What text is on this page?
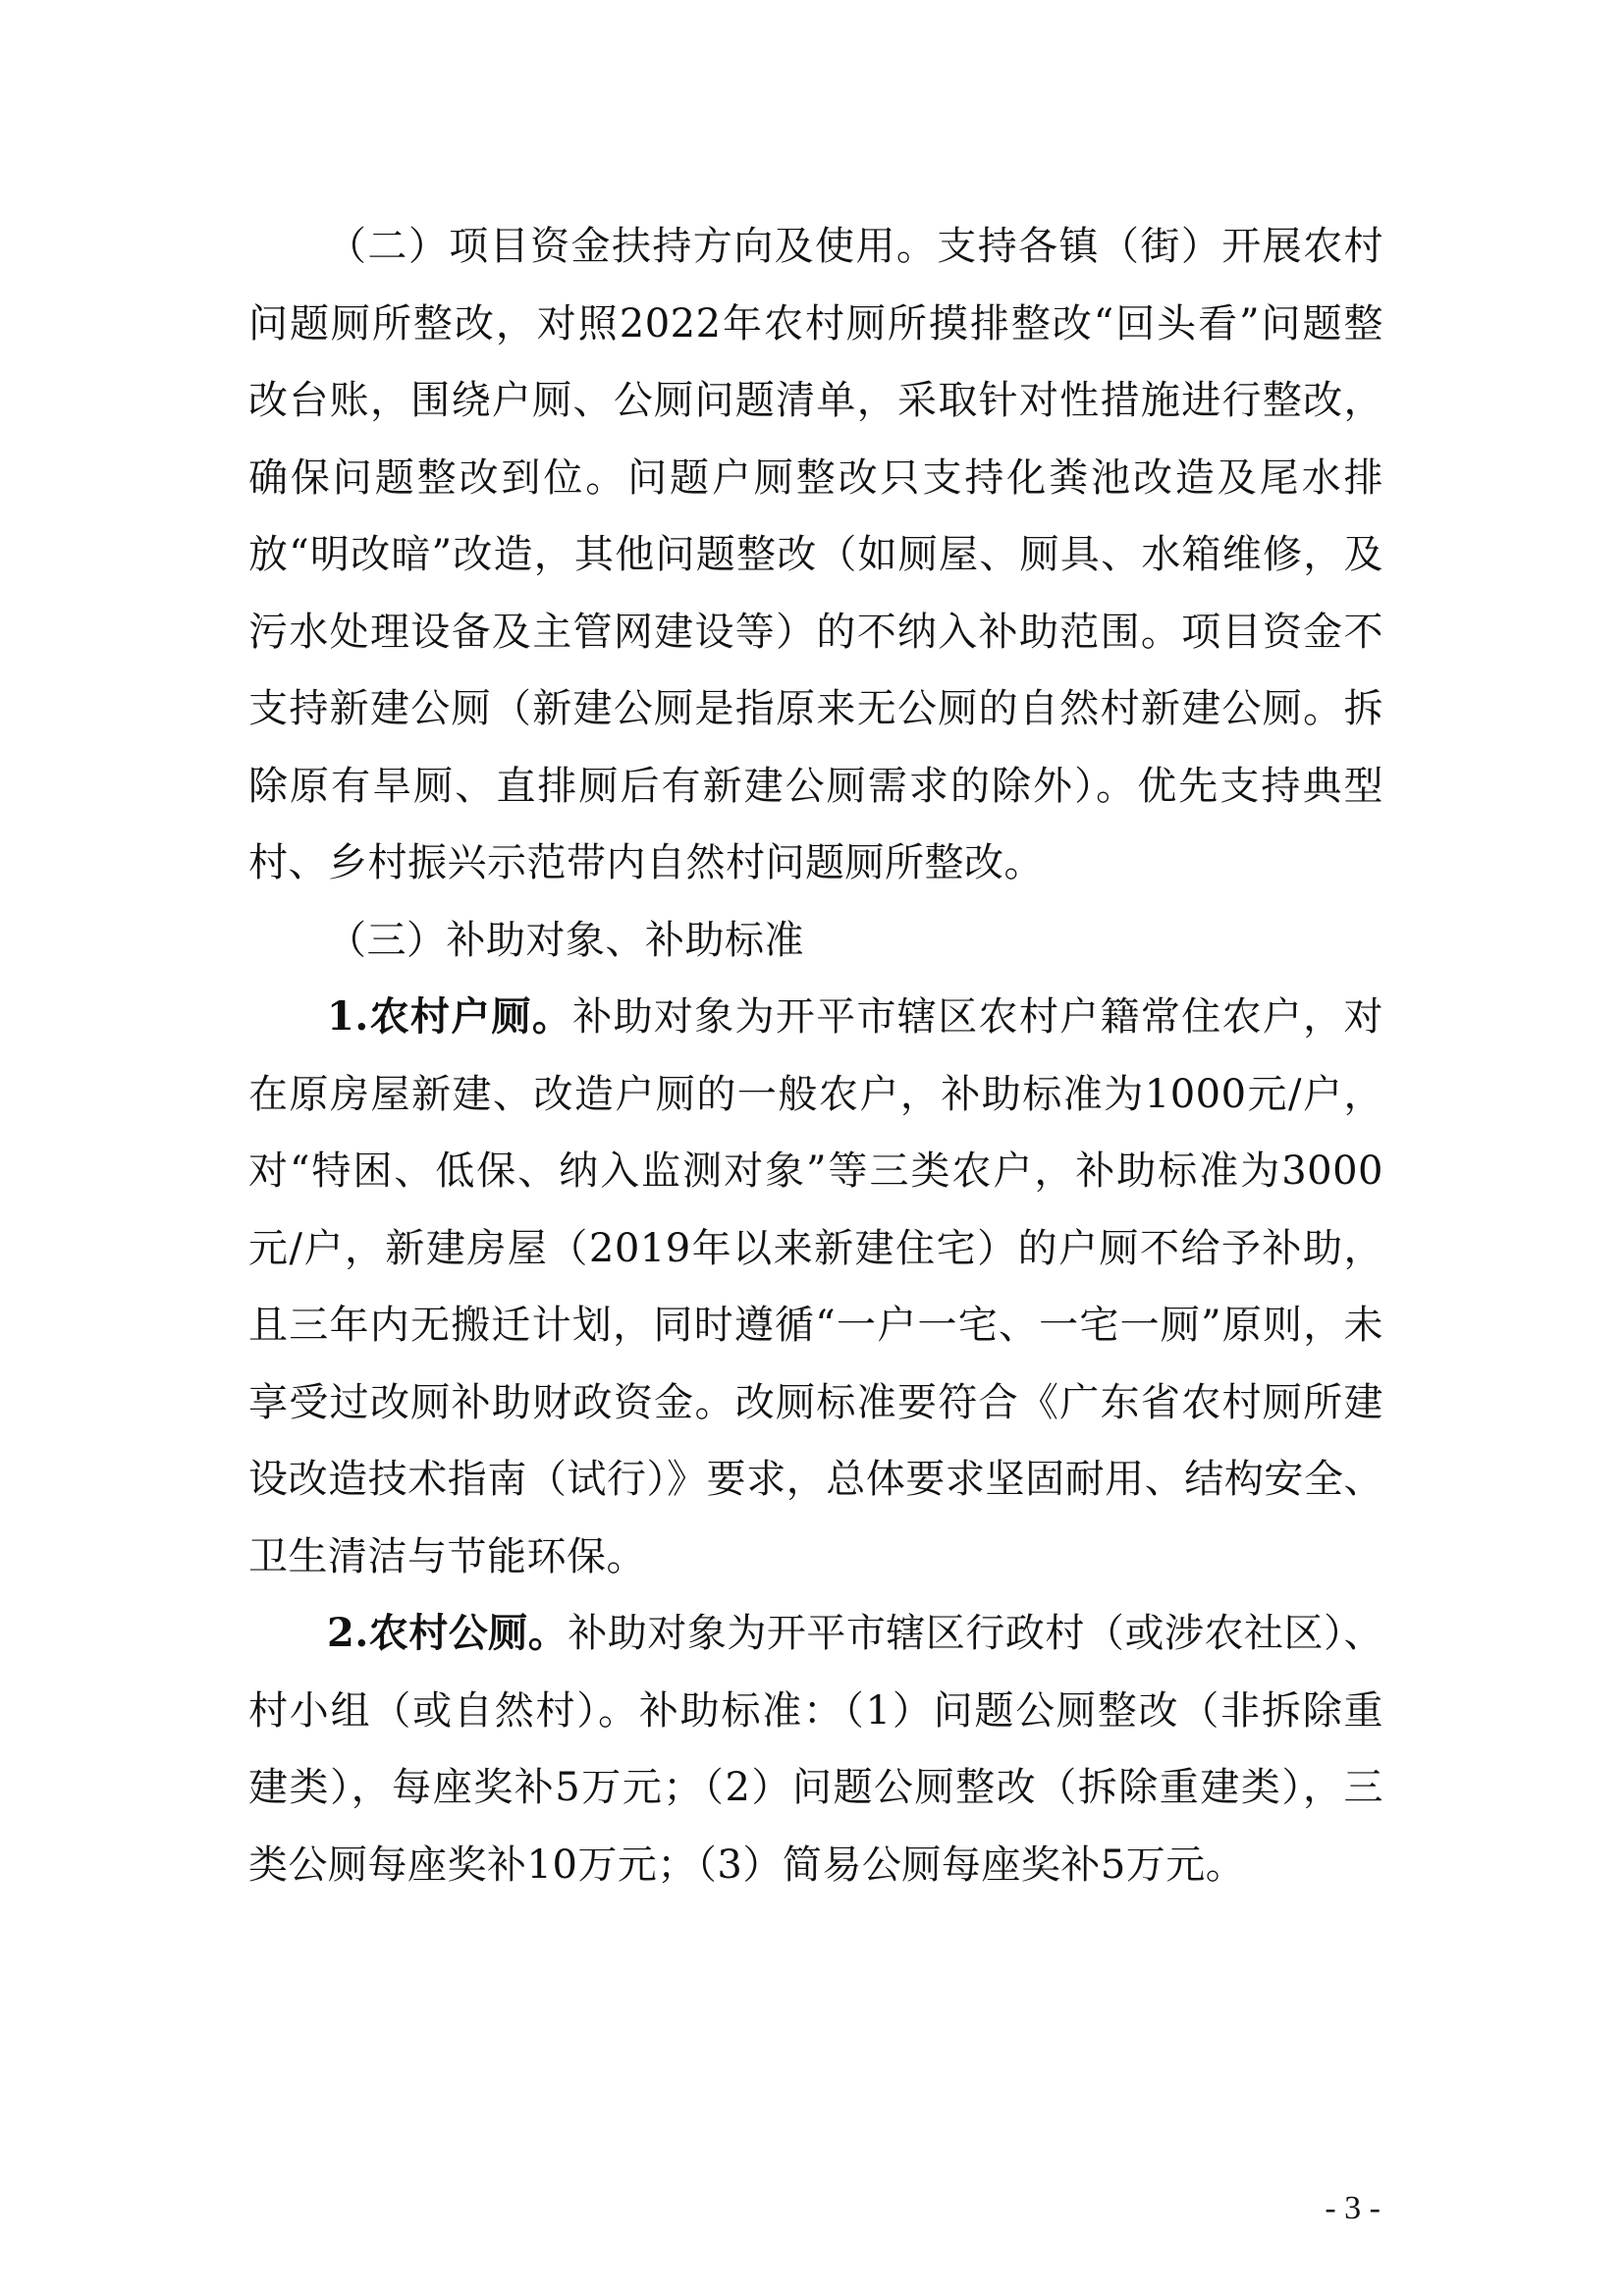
（二）项目资金扶持方向及使用。支持各镇（街）开展农村问题厕所整改，对照2022年农村厕所摸排整改“回头看”问题整改台账，围绕户厕、公厕问题清单，采取针对性措施进行整改，确保问题整改到位。问题户厕整改只支持化粪池改造及尾水排放“明改暗”改造，其他问题整改（如厕屋、厕具、水箱维修，及污水处理设备及主管网建设等）的不纳入补助范围。项目资金不支持新建公厕（新建公厕是指原来无公厕的自然村新建公厕。拆除原有旱厕、直排厕后有新建公厕需求的除外）。优先支持典型村、乡村振兴示范带内自然村问题厕所整改。

（三）补助对象、补助标准

1.农村户厕。补助对象为开平市辖区农村户籍常住农户，对在原房屋新建、改造户厕的一般农户，补助标准为1000元/户，对“特困、低保、纳入监测对象”等三类农户，补助标准为3000元/户，新建房屋（2019年以来新建住宅）的户厕不给予补助，且三年内无搬迁计划，同时遵循“一户一宅、一宅一厕”原则，未享受过改厕补助财政资金。改厕标准要符合《广东省农村厕所建设改造技术指南（试行）》要求，总体要求坚固耐用、结构安全、卫生清洁与节能环保。

2.农村公厕。补助对象为开平市辖区行政村（或涉农社区）、村小组（或自然村）。补助标准：（1）问题公厕整改（非拆除重建类），每座奖补5万元；（2）问题公厕整改（拆除重建类），三类公厕每座奖补10万元；（3）简易公厕每座奖补5万元。

- 3 -
